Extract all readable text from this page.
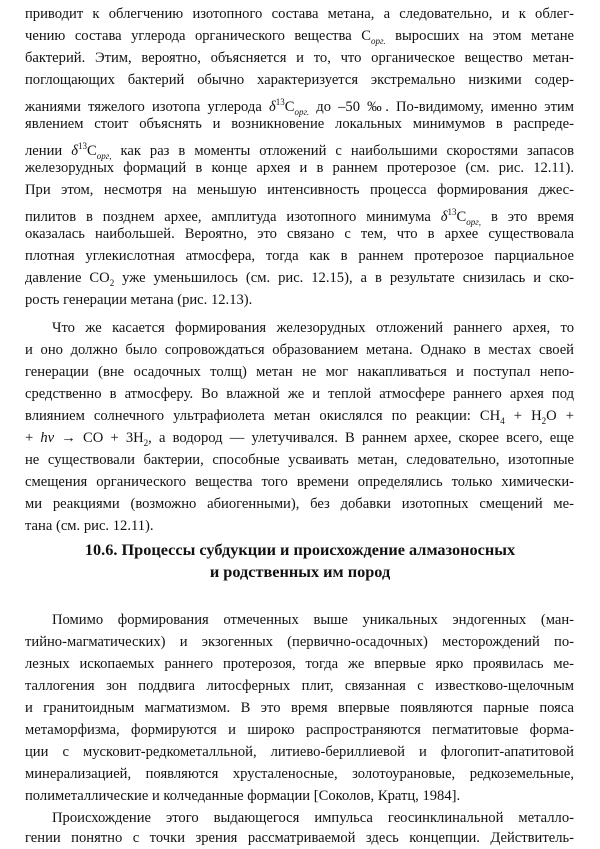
приводит к облегчению изотопного состава метана, а следовательно, и к облег-
чению состава углерода органического вещества $С_{орг.}$ выросших на этом метане
бактерий. Этим, вероятно, объясняется и то, что органическое вещество метан-
поглощающих бактерий обычно характеризуется экстремально низкими содер-
жаниями тяжелого изотопа углерода $\delta^{13}С_{орг.}$ до –50 ‰. По-видимому, именно этим
явлением стоит объяснять и возникновение локальных минимумов в распреде-
лении $\delta^{13}С_{орг,}$ как раз в моменты отложений с наибольшими скоростями запасов
железорудных формаций в конце архея и в раннем протерозое (см. рис. 12.11).
При этом, несмотря на меньшую интенсивность процесса формирования джес-
пилитов в позднем архее, амплитуда изотопного минимума $\delta^{13}С_{орг,}$ в это время
оказалась наибольшей. Вероятно, это связано с тем, что в архее существовала
плотная углекислотная атмосфера, тогда как в раннем протерозое парциальное
давление $СО_2$ уже уменьшилось (см. рис. 12.15), а в результате снизилась и ско-
рость генерации метана (рис. 12.13).
Что же касается формирования железорудных отложений раннего архея, то
и оно должно было сопровождаться образованием метана. Однако в местах своей
генерации (вне осадочных толщ) метан не мог накапливаться и поступал непо-
средственно в атмосферу. Во влажной же и теплой атмосфере раннего архея под
влиянием солнечного ультрафиолета метан окислялся по реакции: $СН_4 + Н_2О$ +
+ hν → СО + $3Н_2$, а водород — улетучивался. В раннем архее, скорее всего, еще
не существовали бактерии, способные усваивать метан, следовательно, изотопные
смещения органического вещества того времени определялись только химически-
ми реакциями (возможно абиогенными), без добавки изотопных смещений ме-
тана (см. рис. 12.11).
10.6. Процессы субдукции и происхождение алмазоносных
и родственных им пород
Помимо формирования отмеченных выше уникальных эндогенных (ман-
тийно-магматических) и экзогенных (первично-осадочных) месторождений по-
лезных ископаемых раннего протерозоя, тогда же впервые ярко проявилась ме-
таллогения зон поддвига литосферных плит, связанная с известково-щелочным
и гранитоидным магматизмом. В это время впервые появляются парные пояса
метаморфизма, формируются и широко распространяются пегматитовые форма-
ции с мусковит-редкометалльной, литиево-бериллиевой и флогопит-апатитовой
минерализацией, появляются хрусталеносные, золотоурановые, редкоземельные,
полиметаллические и колчеданные формации [Соколов, Кратц, 1984].
Происхождение этого выдающегося импульса геосинклинальной металло-
гении понятно с точки зрения рассматриваемой здесь концепции. Действитель-
